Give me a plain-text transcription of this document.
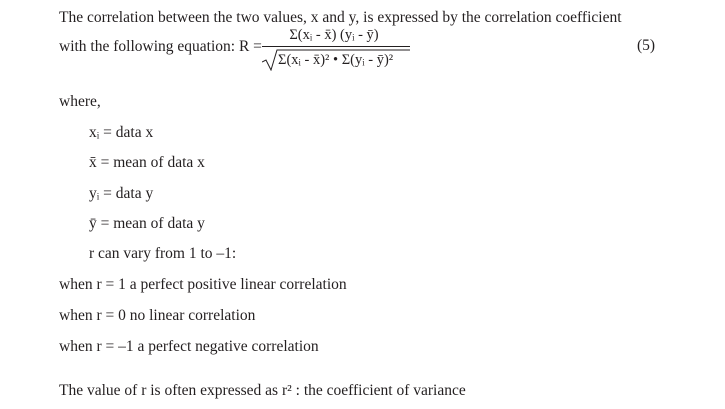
The correlation between the two values, x and y, is expressed by the correlation coefficient
with the following equation: R =
Σ(xᵢ - x̄) (yᵢ - ȳ)
Σ(xᵢ - x̄)² • Σ(yᵢ - ȳ)²
(5)
where,
xᵢ = data x
x̄ = mean of data x
yᵢ = data y
ȳ = mean of data y
r can vary from 1 to –1:
when r = 1 a perfect positive linear correlation
when r = 0 no linear correlation
when r = –1 a perfect negative correlation
The value of r is often expressed as r² : the coefficient of variance
